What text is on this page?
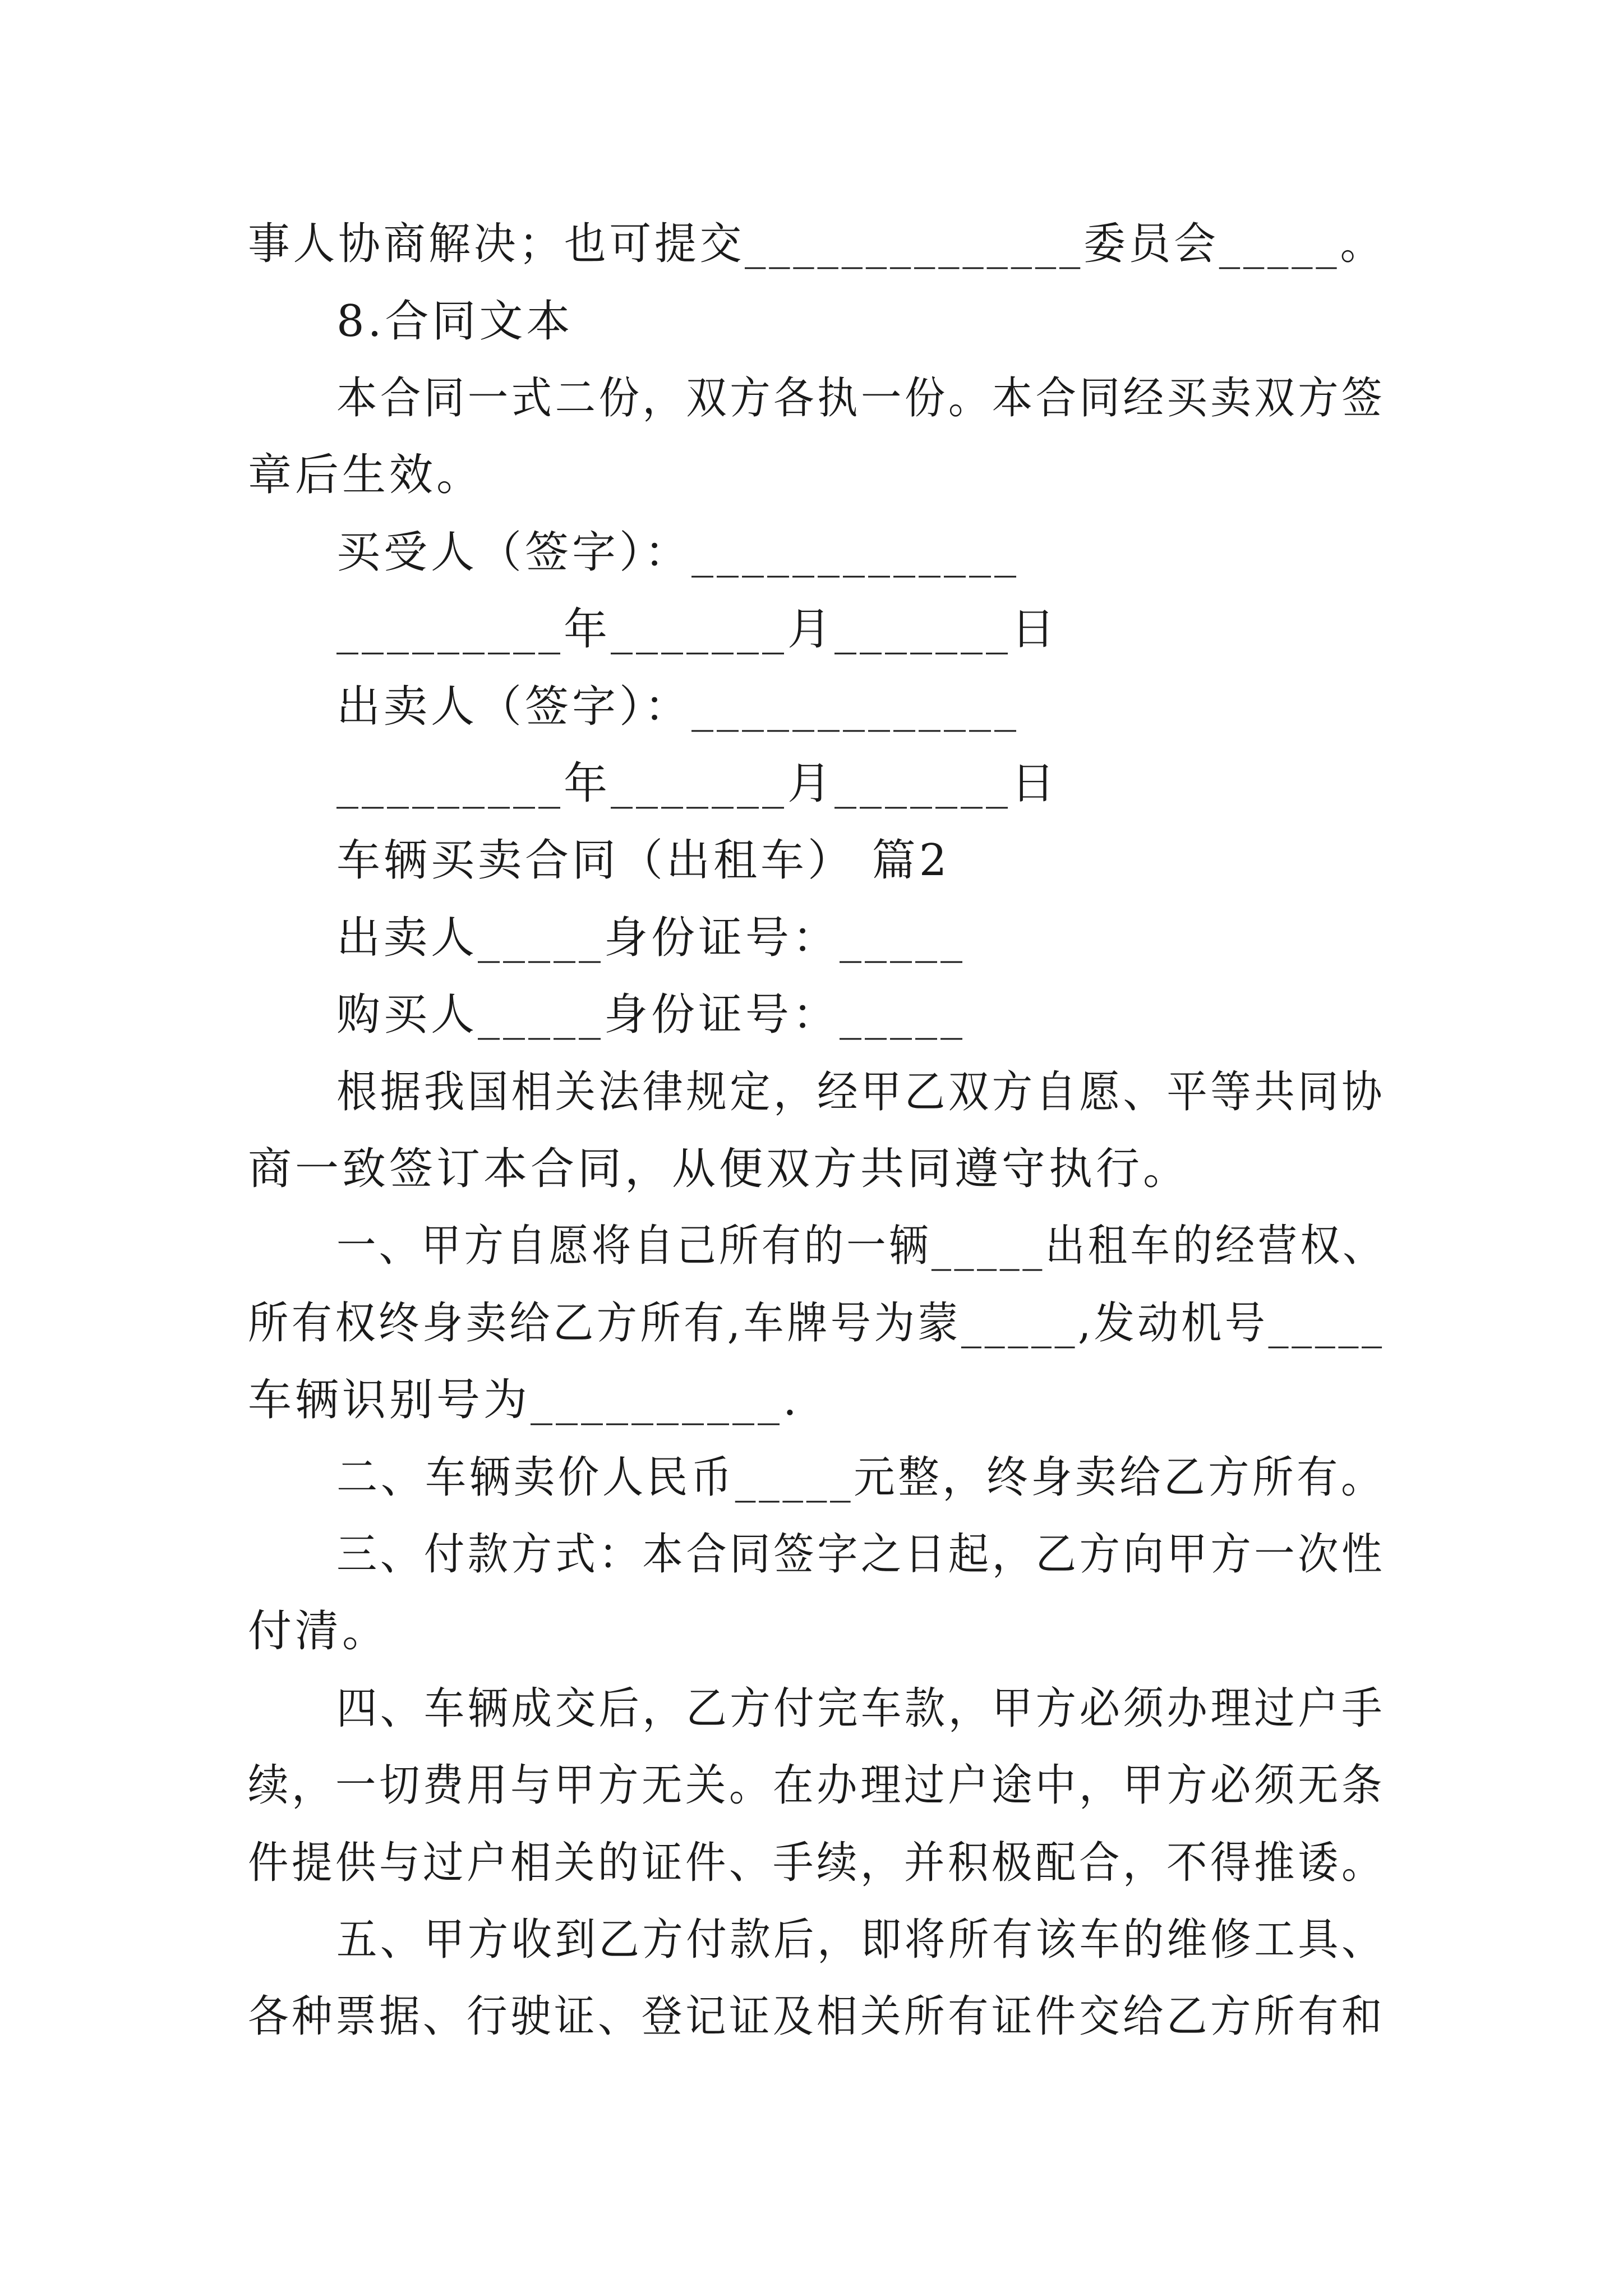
事人协商解决；也可提交______________委员会_____。
8.合同文本
本合同一式二份，双方各执一份。本合同经买卖双方签
章后生效。
买受人（签字）：_____________
_________年_______月_______日
出卖人（签字）：_____________
_________年_______月_______日
车辆买卖合同（出租车） 篇2
出卖人_____身份证号：_____
购买人_____身份证号：_____
根据我国相关法律规定，经甲乙双方自愿、平等共同协
商一致签订本合同，从便双方共同遵守执行。
一、甲方自愿将自己所有的一辆_____出租车的经营权、
所有权终身卖给乙方所有,车牌号为蒙_____,发动机号_____
车辆识别号为__________.
二、车辆卖价人民币_____元整，终身卖给乙方所有。
三、付款方式：本合同签字之日起，乙方向甲方一次性
付清。
四、车辆成交后，乙方付完车款，甲方必须办理过户手
续，一切费用与甲方无关。在办理过户途中，甲方必须无条
件提供与过户相关的证件、手续，并积极配合，不得推诿。
五、甲方收到乙方付款后，即将所有该车的维修工具、
各种票据、行驶证、登记证及相关所有证件交给乙方所有和
